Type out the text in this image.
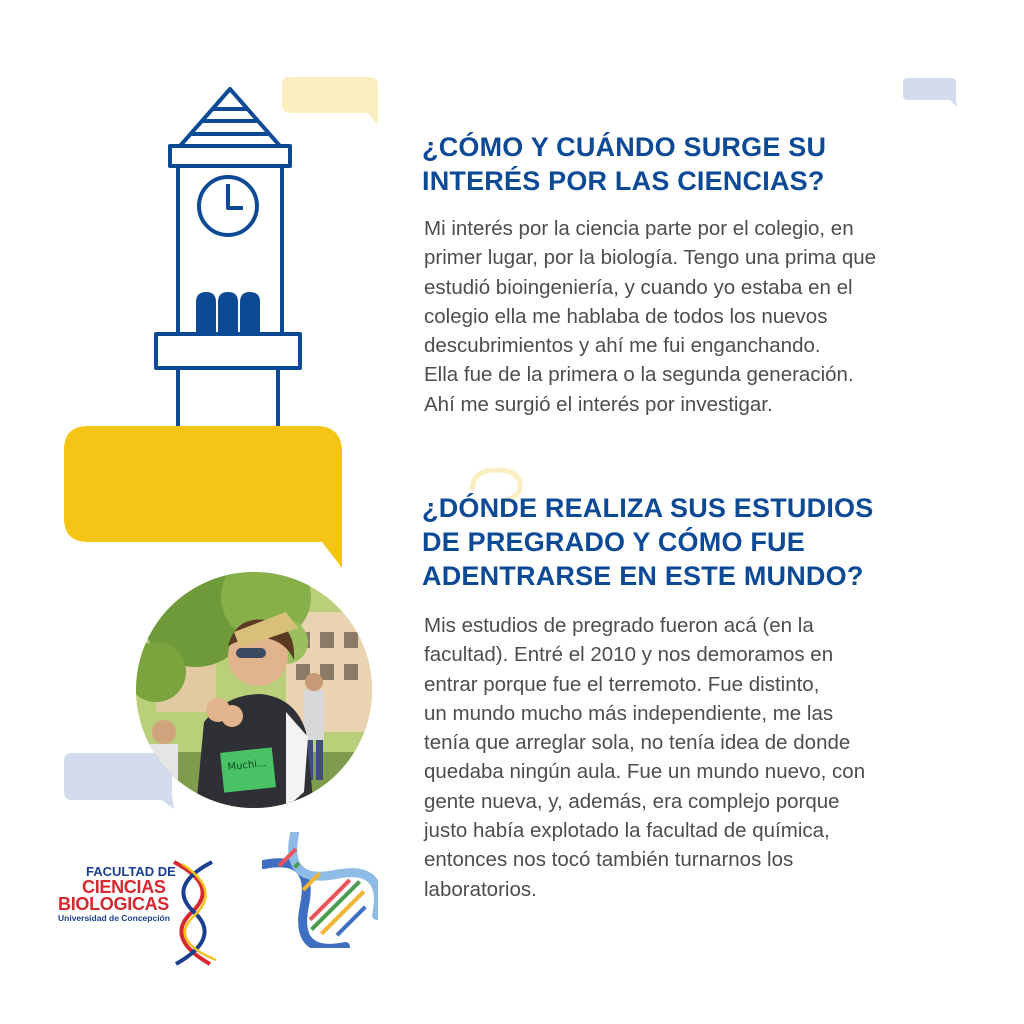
¿CÓMO Y CUÁNDO SURGE SU
INTERÉS POR LAS CIENCIAS?
Mi interés por la ciencia parte por el colegio, en
primer lugar, por la biología. Tengo una prima que
estudió bioingeniería, y cuando yo estaba en el
colegio ella me hablaba de todos los nuevos
descubrimientos y ahí me fui enganchando.
Ella fue de la primera o la segunda generación.
Ahí me surgió el interés por investigar.
¿DÓNDE REALIZA SUS ESTUDIOS
DE PREGRADO Y CÓMO FUE
ADENTRARSE EN ESTE MUNDO?
Mis estudios de pregrado fueron acá (en la
facultad). Entré el 2010 y nos demoramos en
entrar porque fue el terremoto. Fue distinto,
un mundo mucho más independiente, me las
tenía que arreglar sola, no tenía idea de donde
quedaba ningún aula. Fue un mundo nuevo, con
gente nueva, y, además, era complejo porque
justo había explotado la facultad de química,
entonces nos tocó también turnarnos los
laboratorios.
Muchi...
FACULTAD DE
CIENCIAS
BIOLOGICAS
Universidad de Concepción
